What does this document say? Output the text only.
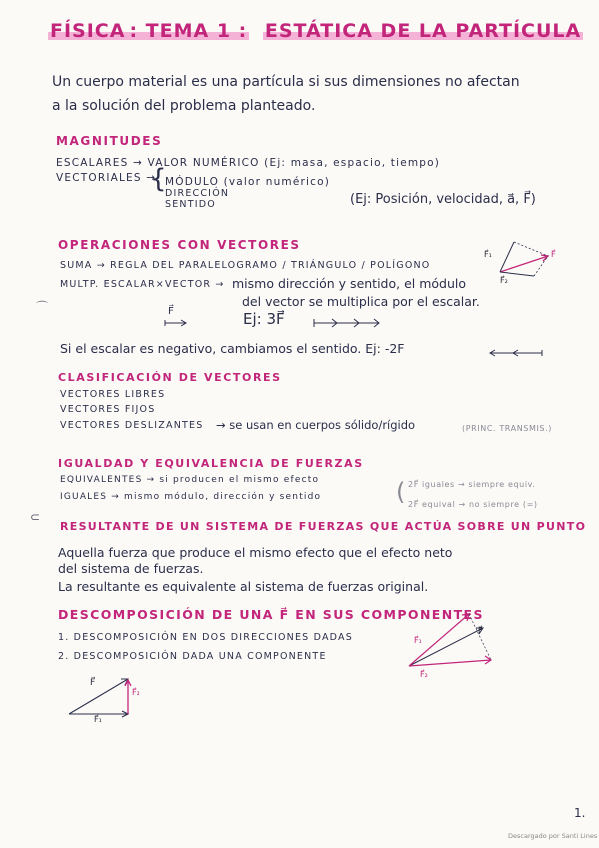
FÍSICA : TEMA 1 : ESTÁTICA DE LA PARTÍCULA
Un cuerpo material es una partícula si sus dimensiones no afectan
a la solución del problema planteado.
MAGNITUDES
ESCALARES → VALOR NUMÉRICO (Ej: masa, espacio, tiempo)
VECTORIALES →
{
MÓDULO (valor numérico)
DIRECCIÓN
SENTIDO	(Ej: Posición, velocidad, a⃗, F⃗)
OPERACIONES CON VECTORES
SUMA → REGLA DEL PARALELOGRAMO / TRIÁNGULO / POLÍGONO
MULTP. ESCALAR×VECTOR → mismo dirección y sentido, el módulo
del vector se multiplica por el escalar.
F⃗	Ej: 3F⃗
F⃗₁	F⃗
F⃗₂
⌒
Si el escalar es negativo, cambiamos el sentido. Ej: -2F
CLASIFICACIÓN DE VECTORES
VECTORES LIBRES
VECTORES FIJOS
VECTORES DESLIZANTES → se usan en cuerpos sólido/rígido	(PRINC. TRANSMIS.)
IGUALDAD Y EQUIVALENCIA DE FUERZAS
EQUIVALENTES → si producen el mismo efecto
IGUALES → mismo módulo, dirección y sentido	( 2F⃗ iguales → siempre equiv.
2F⃗ equival → no siempre (=)
⊂
RESULTANTE DE UN SISTEMA DE FUERZAS QUE ACTÚA SOBRE UN PUNTO
Aquella fuerza que produce el mismo efecto que el efecto neto
del sistema de fuerzas.
La resultante es equivalente al sistema de fuerzas original.
DESCOMPOSICIÓN DE UNA F⃗ EN SUS COMPONENTES
1. DESCOMPOSICIÓN EN DOS DIRECCIONES DADAS
2. DESCOMPOSICIÓN DADA UNA COMPONENTE
F⃗₁
F⃗
F⃗₂
F⃗
F⃗₂
F⃗₁
1.
Descargado por Santi Lines
